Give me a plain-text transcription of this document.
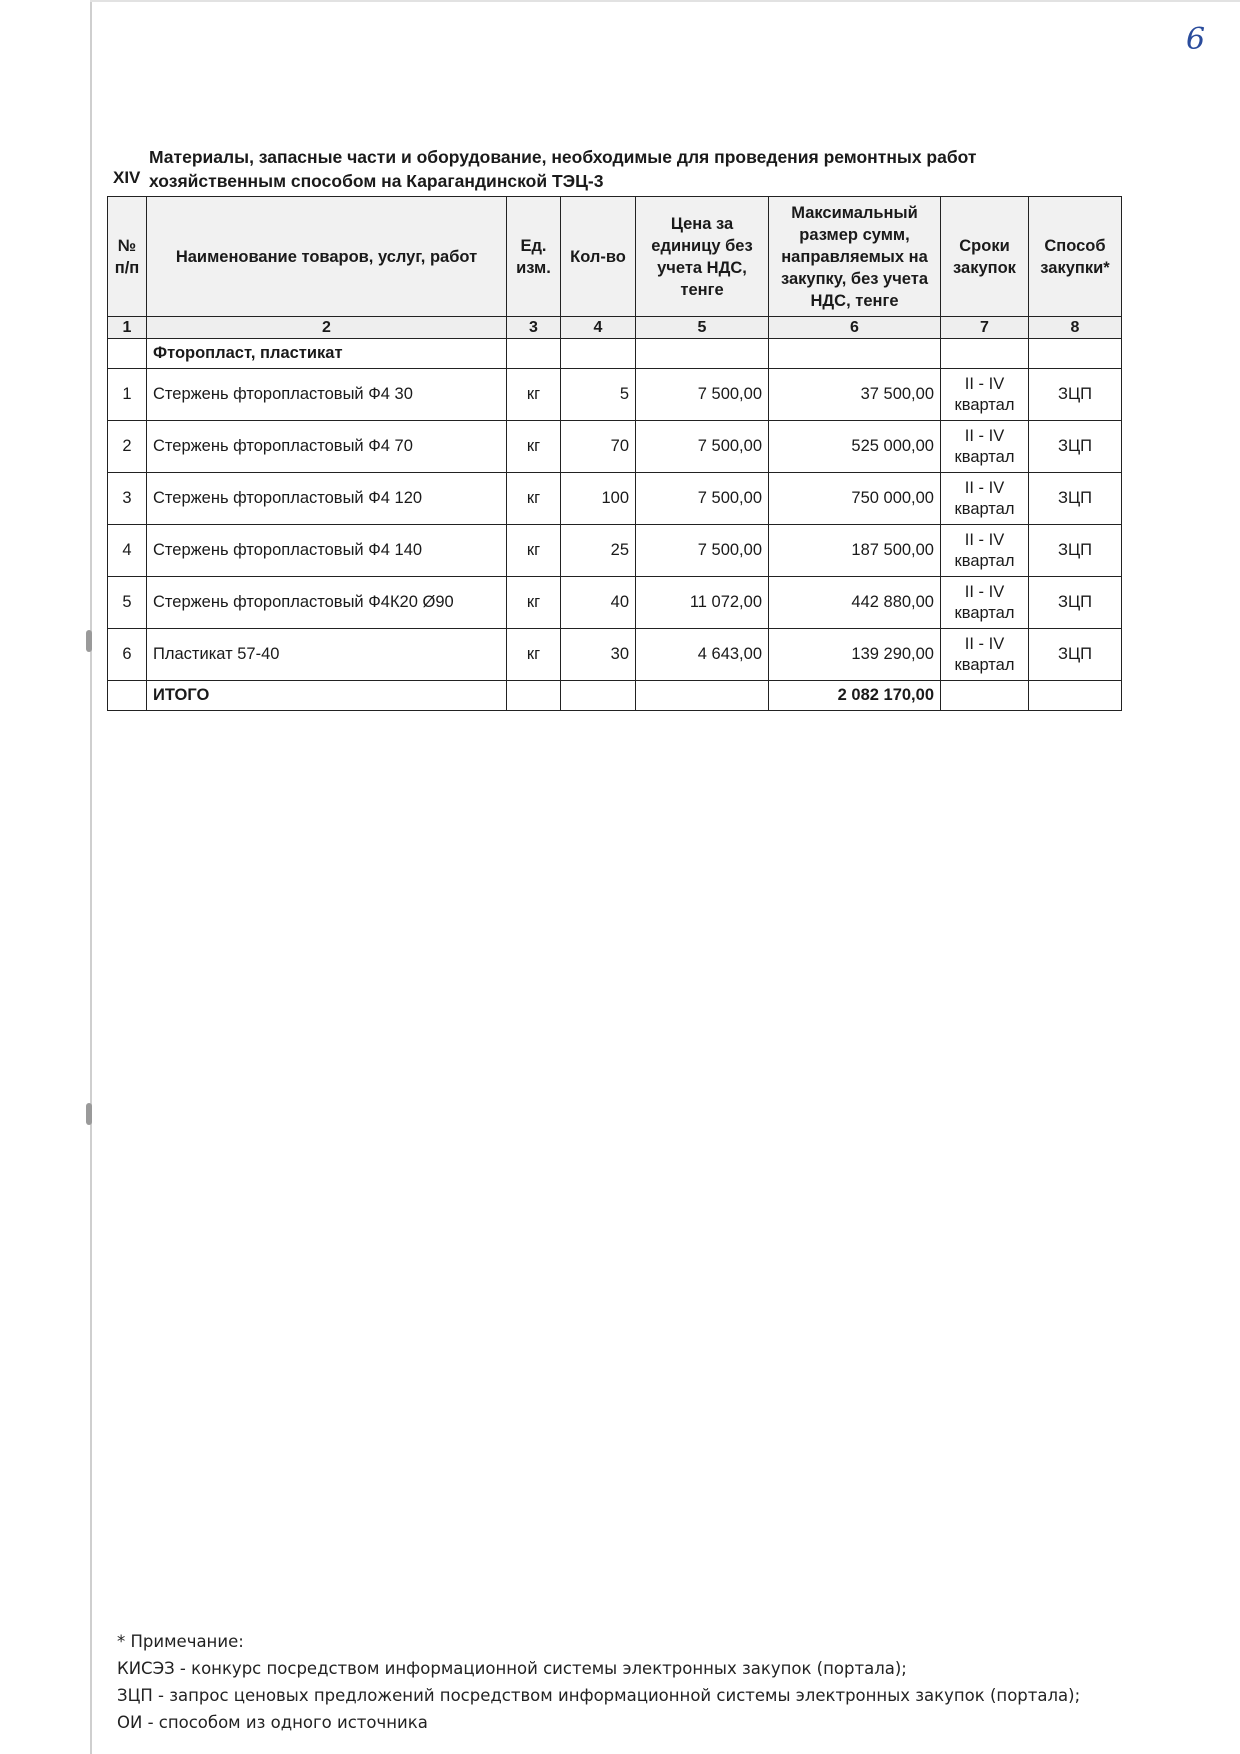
6
XIV
Материалы, запасные части и оборудование, необходимые для проведения ремонтных работ хозяйственным способом на Карагандинской ТЭЦ-3
№ п/п	Наименование товаров, услуг, работ	Ед. изм.	Кол-во	Цена за единицу без учета НДС, тенге	Максимальный размер сумм, направляемых на закупку, без учета НДС, тенге	Сроки закупок	Способ закупки*
1	2	3	4	5	6	7	8
	Фторопласт, пластикат						
1	Стержень фторопластовый Ф4 30	кг	5	7 500,00	37 500,00	II - IV квартал	ЗЦП
2	Стержень фторопластовый Ф4 70	кг	70	7 500,00	525 000,00	II - IV квартал	ЗЦП
3	Стержень фторопластовый Ф4 120	кг	100	7 500,00	750 000,00	II - IV квартал	ЗЦП
4	Стержень фторопластовый Ф4 140	кг	25	7 500,00	187 500,00	II - IV квартал	ЗЦП
5	Стержень фторопластовый Ф4К20 Ø90	кг	40	11 072,00	442 880,00	II - IV квартал	ЗЦП
6	Пластикат 57-40	кг	30	4 643,00	139 290,00	II - IV квартал	ЗЦП
	ИТОГО				2 082 170,00		
* Примечание:
КИСЭЗ - конкурс посредством информационной системы электронных закупок (портала);
ЗЦП - запрос ценовых предложений посредством информационной системы электронных закупок (портала);
ОИ - способом из одного источника
